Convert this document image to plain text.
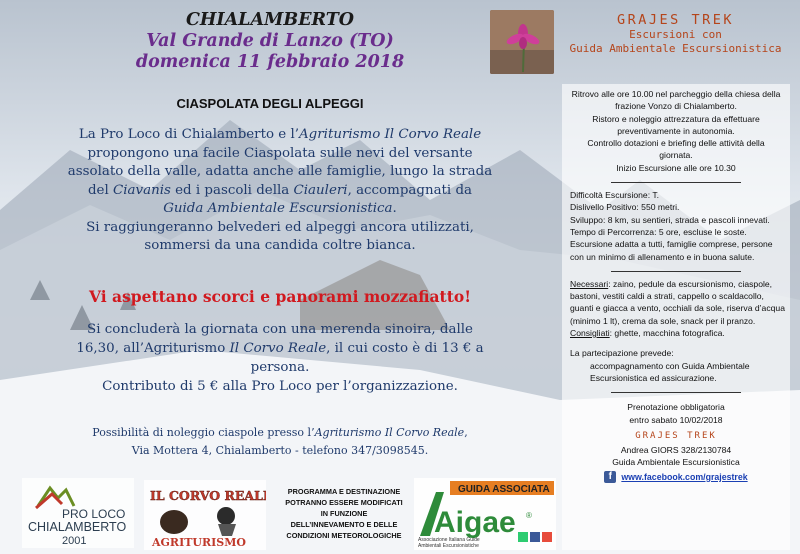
CHIALAMBERTO
Val Grande di Lanzo (TO)
domenica 11 febbraio 2018
CIASPOLATA DEGLI ALPEGGI
La Pro Loco di Chialamberto e l’Agriturismo Il Corvo Reale
propongono una facile Ciaspolata sulle nevi del versante
assolato della valle, adatta anche alle famiglie, lungo la strada
del Ciavanis ed i pascoli della Ciauleri, accompagnati da
Guida Ambientale Escursionistica.
Si raggiungeranno belvederi ed alpeggi ancora utilizzati,
sommersi da una candida coltre bianca.
Vi aspettano scorci e panorami mozzafiatto!
Si concluderà la giornata con una merenda sinoira, dalle
16,30, all’Agriturismo Il Corvo Reale, il cui costo è di 13 € a
persona.
Contributo di 5 € alla Pro Loco per l’organizzazione.
Possibilità di noleggio ciaspole presso l’Agriturismo Il Corvo Reale,
Via Mottera 4, Chialamberto - telefono 347/3098545.
GRAJES TREK
Escursioni con
Guida Ambientale Escursionistica
Ritrovo alle ore 10.00 nel parcheggio della chiesa della
frazione Vonzo di Chialamberto.
Ristoro e noleggio attrezzatura da effettuare
preventivamente in autonomia.
Controllo dotazioni e briefing delle attività della
giornata.
Inizio Escursione alle ore 10.30
Difficoltà Escursione: T.
Dislivello Positivo: 550 metri.
Sviluppo: 8 km, su sentieri, strada e pascoli innevati.
Tempo di Percorrenza: 5 ore, escluse le soste.
Escursione adatta a tutti, famiglie comprese, persone
con un minimo di allenamento e in buona salute.
Necessari: zaino, pedule da escursionismo, ciaspole,
bastoni, vestiti caldi a strati, cappello o scaldacollo,
guanti e giacca a vento, occhiali da sole, riserva d’acqua
(minimo 1 lt), crema da sole, snack per il pranzo.
Consigliati: ghette, macchina fotografica.
La partecipazione prevede:
accompagnamento con Guida Ambientale
Escursionistica ed assicurazione.
Prenotazione obbligatoria
entro sabato 10/02/2018
GRAJES TREK
Andrea GIORS 328/2130784
Guida Ambientale Escursionistica
f	www.facebook.com/grajestrek
PRO LOCO
CHIALAMBERTO
2001
IL CORVO REALE
AGRITURISMO
PROGRAMMA E DESTINAZIONE
POTRANNO ESSERE MODIFICATI
IN FUNZIONE
DELL’INNEVAMENTO E DELLE
CONDIZIONI METEOROLOGICHE
GUIDA ASSOCIATA
Aigae ®
Associazione Italiana Guide
Ambientali Escursionistiche
